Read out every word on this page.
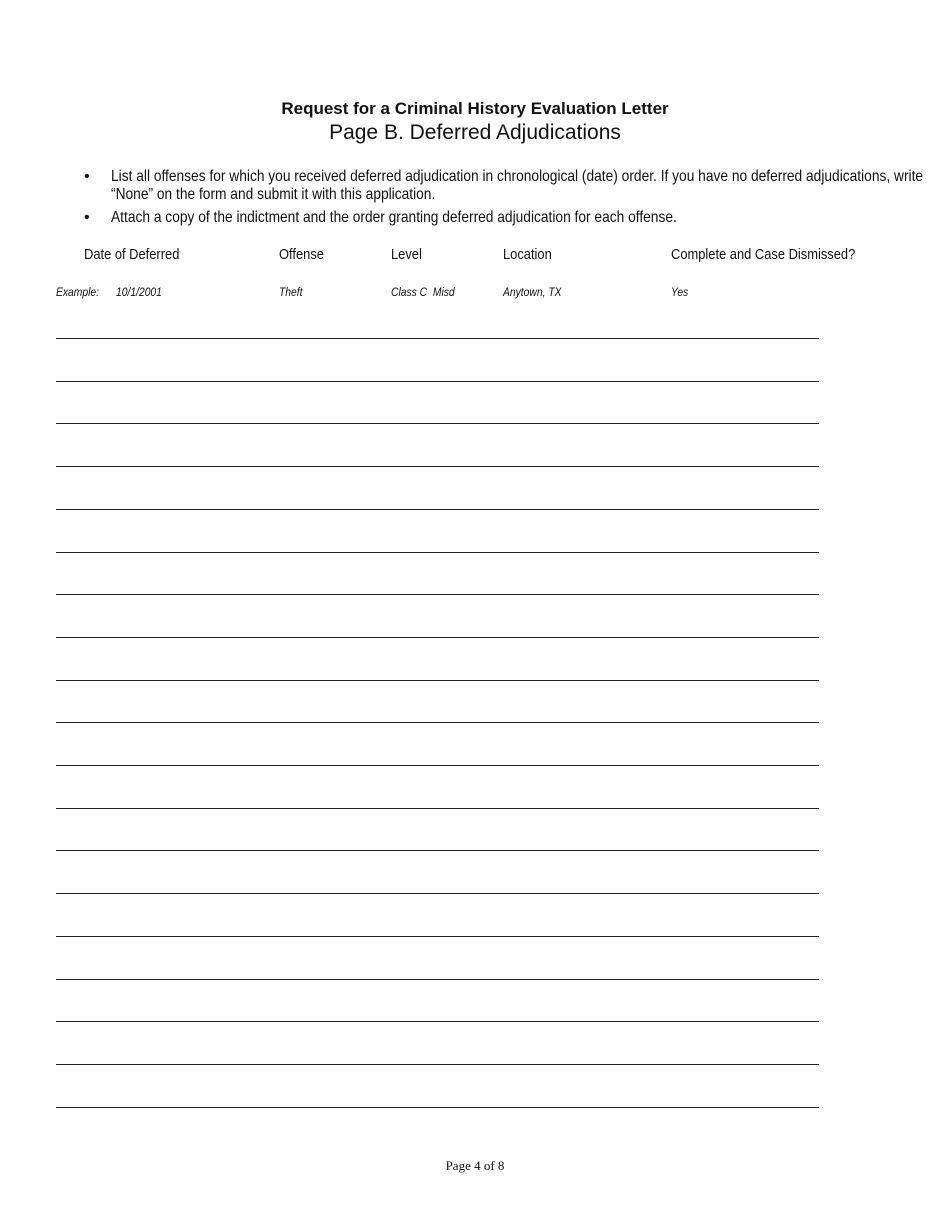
Request for a Criminal History Evaluation Letter
Page B. Deferred Adjudications
• List all offenses for which you received deferred adjudication in chronological (date) order. If you have no deferred adjudications, write “None” on the form and submit it with this application.
• Attach a copy of the indictment and the order granting deferred adjudication for each offense.
Date of Deferred	Offense	Level	Location	Complete and Case Dismissed?
Example: 10/1/2001	Theft	Class C  Misd	Anytown, TX	Yes
Page 4 of 8
